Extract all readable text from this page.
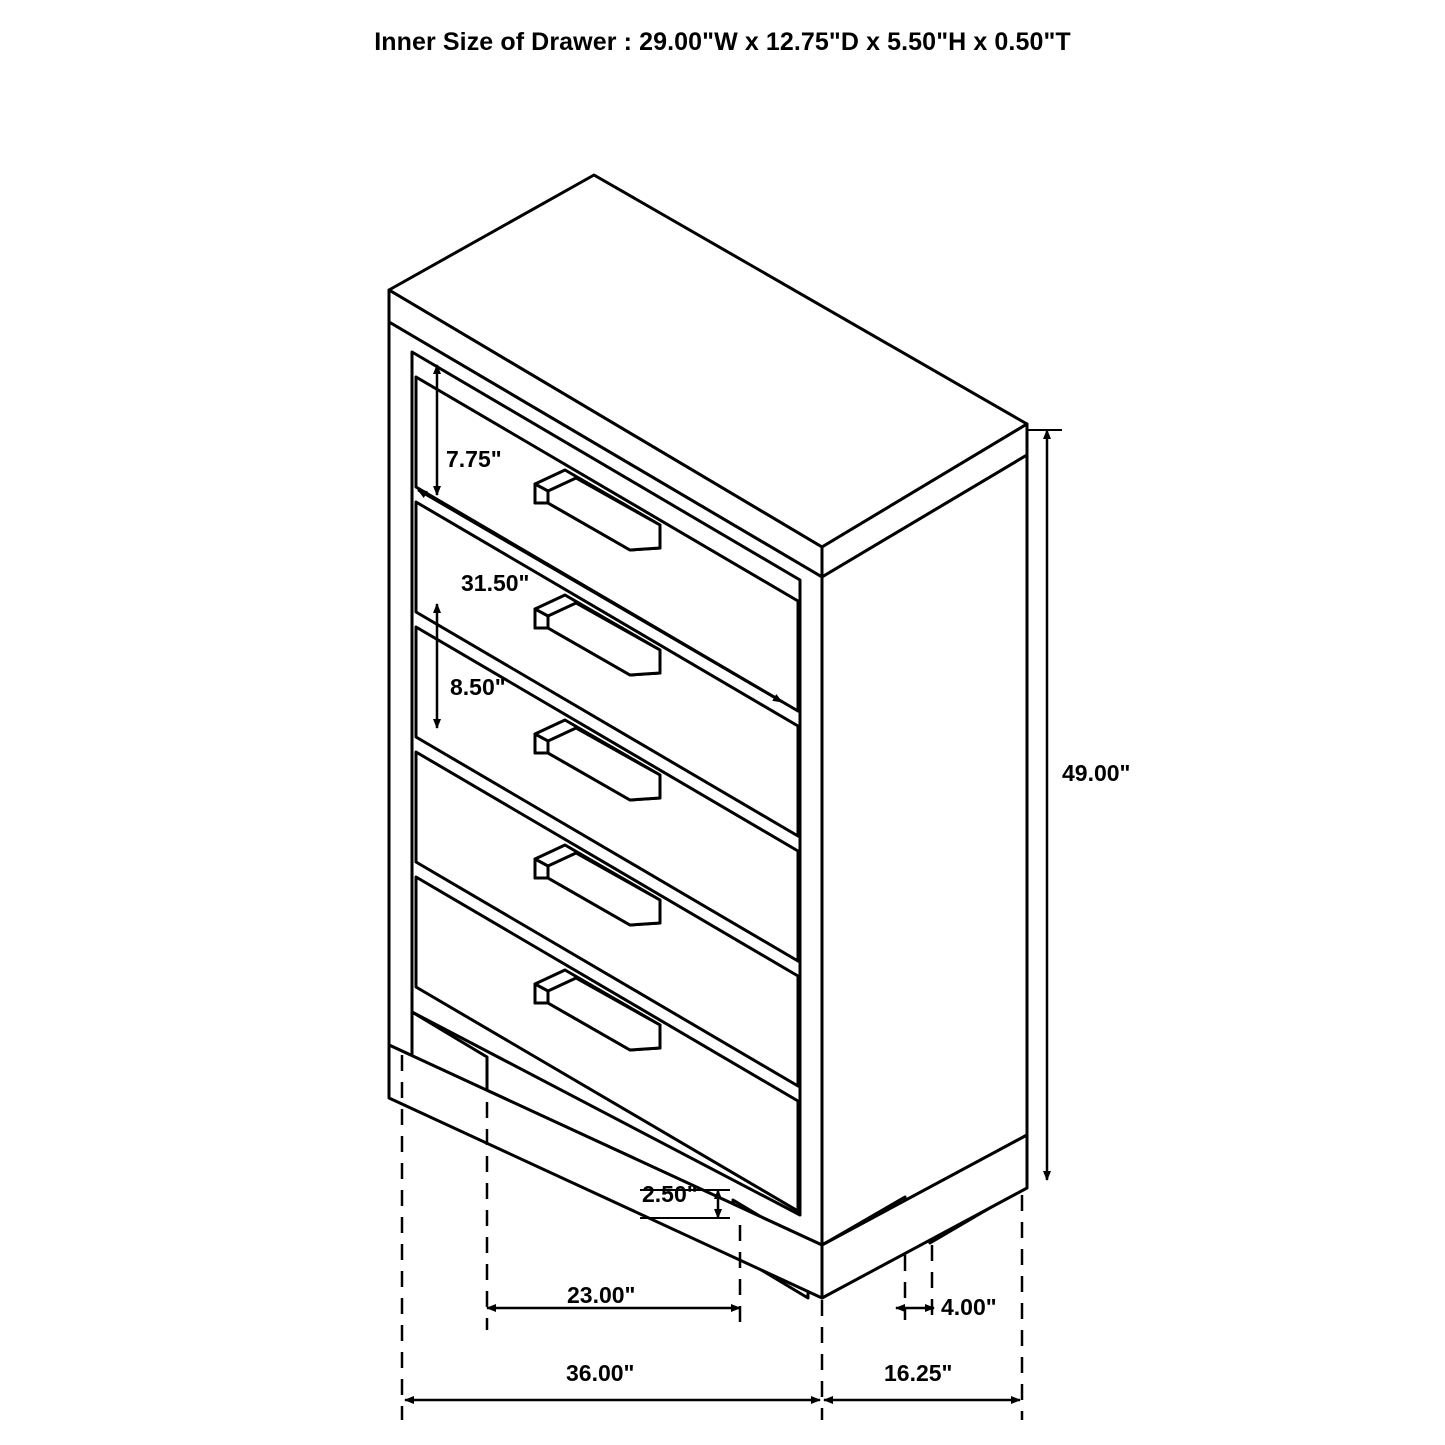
Inner Size of Drawer : 29.00"W x 12.75"D x 5.50"H x 0.50"T
7.75"
31.50"
8.50"
49.00"
2.50"
23.00"	4.00"
36.00"	16.25"
